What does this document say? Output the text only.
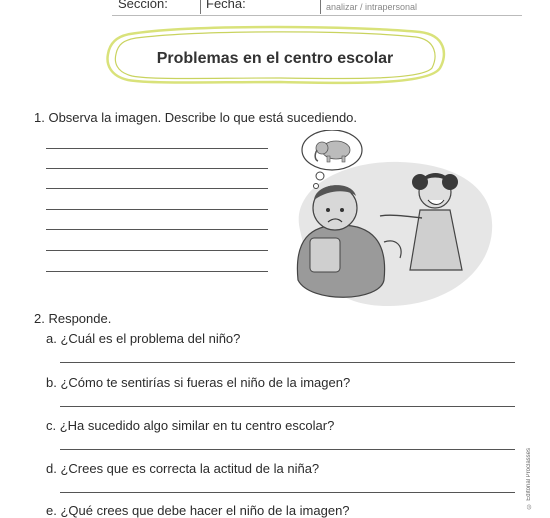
Sección:	Fecha:	analizar / intrapersonal
Problemas en el centro escolar
1. Observa la imagen. Describe lo que está sucediendo.
2. Responde.
a. ¿Cuál es el problema del niño?
b. ¿Cómo te sentirías si fueras el niño de la imagen?
c. ¿Ha sucedido algo similar en tu centro escolar?
d. ¿Crees que es correcta la actitud de la niña?
e. ¿Qué crees que debe hacer el niño de la imagen?
© Editorial Proclasses
